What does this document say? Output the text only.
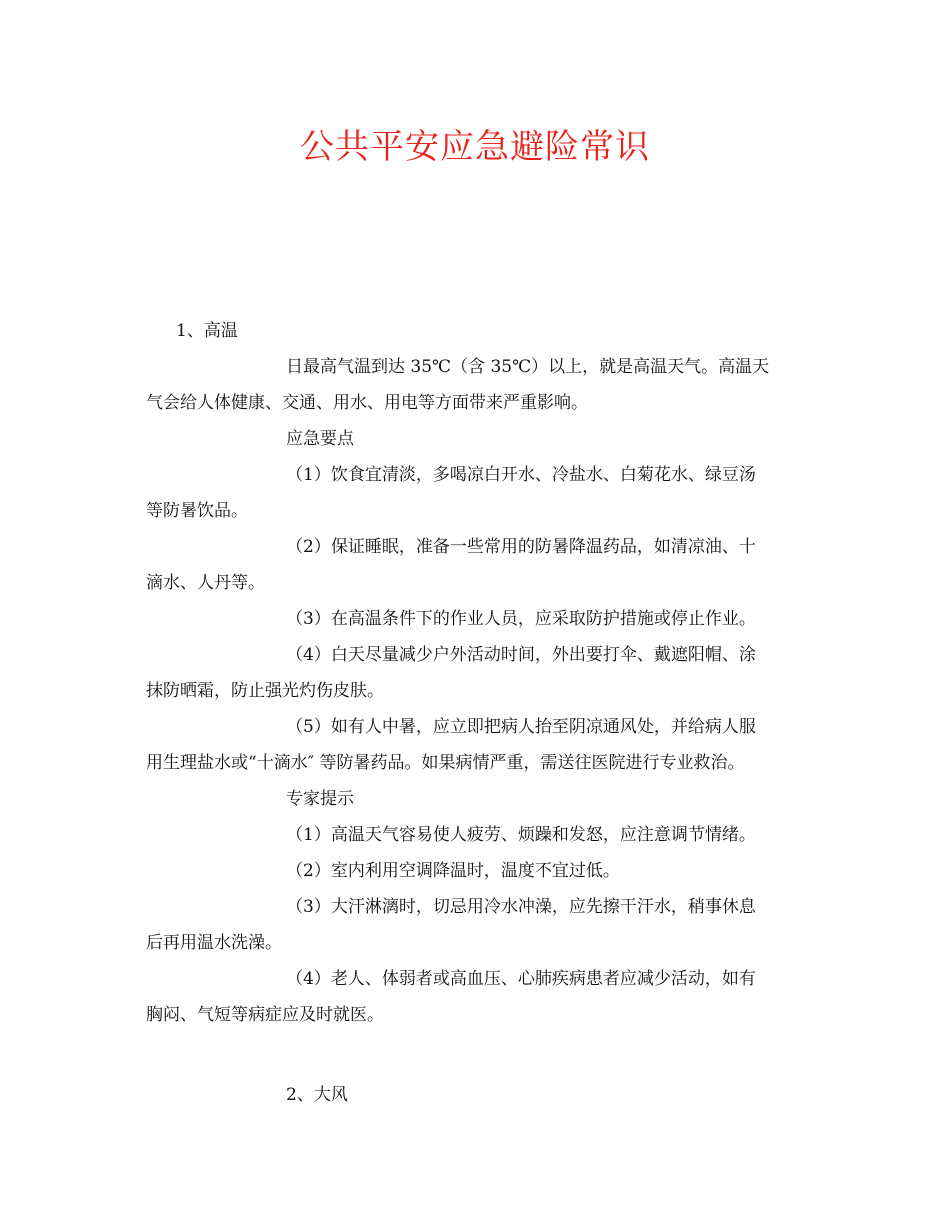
公共平安应急避险常识
1、高温
日最高气温到达 35℃（含 35℃）以上，就是高温天气。高温天
气会给人体健康、交通、用水、用电等方面带来严重影响。
应急要点
（1）饮食宜清淡，多喝凉白开水、冷盐水、白菊花水、绿豆汤
等防暑饮品。
（2）保证睡眠，准备一些常用的防暑降温药品，如清凉油、十
滴水、人丹等。
（3）在高温条件下的作业人员，应采取防护措施或停止作业。
（4）白天尽量减少户外活动时间，外出要打伞、戴遮阳帽、涂
抹防晒霜，防止强光灼伤皮肤。
（5）如有人中暑，应立即把病人抬至阴凉通风处，并给病人服
用生理盐水或“十滴水″ 等防暑药品。如果病情严重，需送往医院进行专业救治。
专家提示
（1）高温天气容易使人疲劳、烦躁和发怒，应注意调节情绪。
（2）室内利用空调降温时，温度不宜过低。
（3）大汗淋漓时，切忌用冷水冲澡，应先擦干汗水，稍事休息
后再用温水洗澡。
（4）老人、体弱者或高血压、心肺疾病患者应减少活动，如有
胸闷、气短等病症应及时就医。
2、大风
